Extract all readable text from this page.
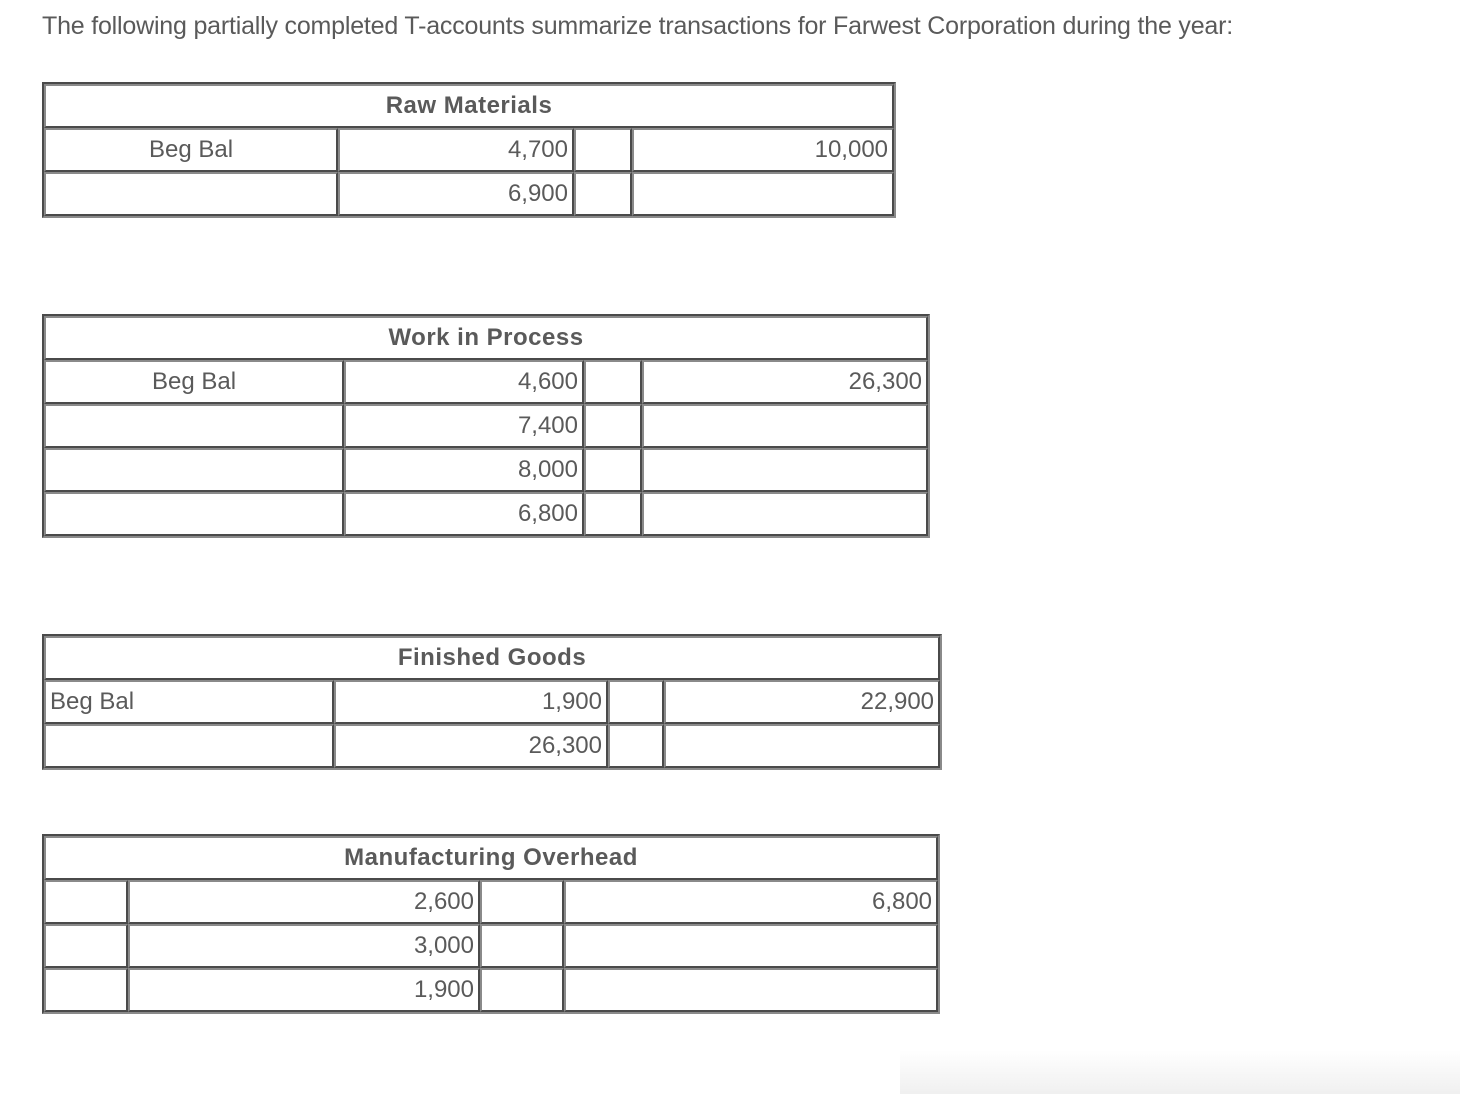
The following partially completed T-accounts summarize transactions for Farwest Corporation during the year:
Raw Materials			
Beg Bal	4,700		10,000
	6,900		
Work in Process			
Beg Bal	4,600		26,300
	7,400		
	8,000		
	6,800		
Finished Goods			
Beg Bal	1,900		22,900
	26,300		
Manufacturing Overhead			
	2,600		6,800
	3,000		
	1,900		
